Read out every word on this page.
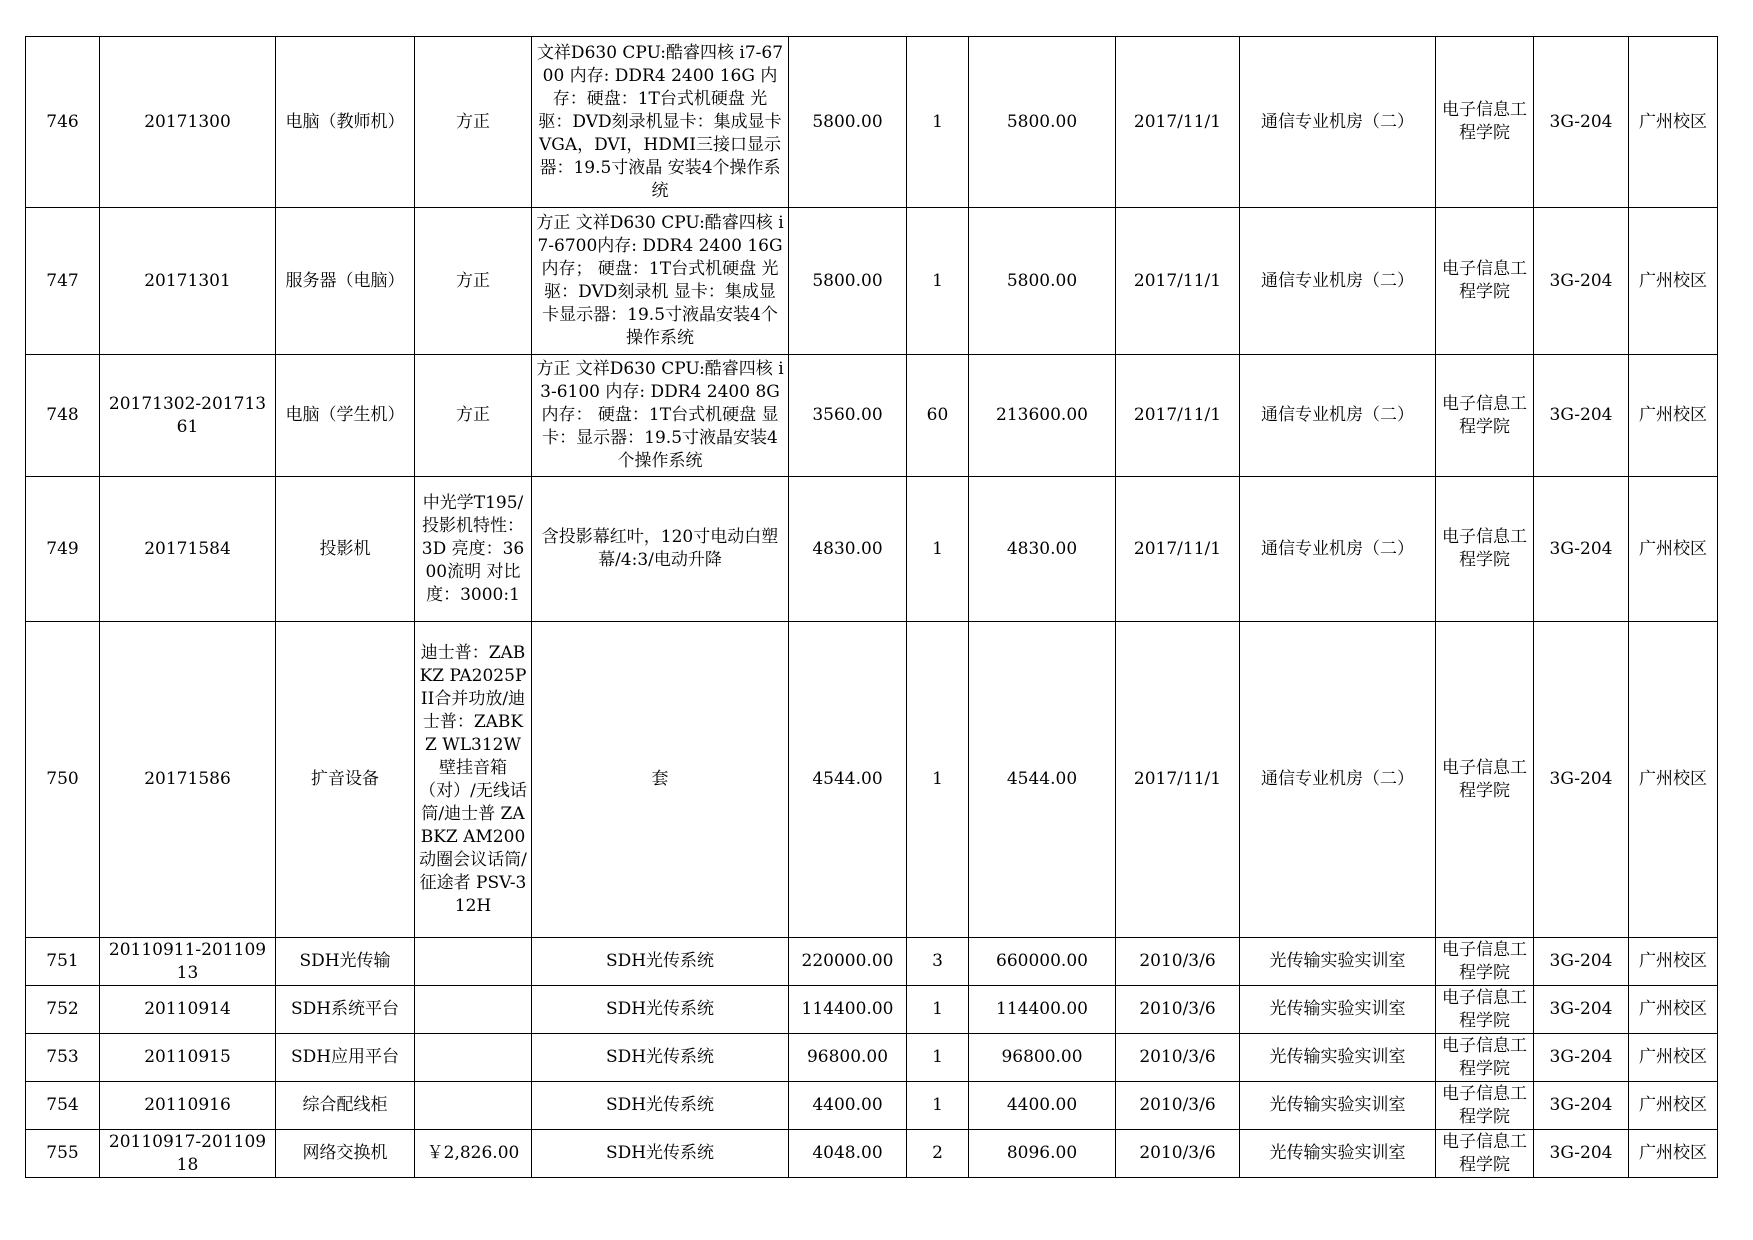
746	20171300	电脑（教师机）	方正	文祥D630 CPU:酷睿四核 i7-6700 内存: DDR4 2400 16G 内存：硬盘：1T台式机硬盘 光驱：DVD刻录机显卡：集成显卡VGA，DVI，HDMI三接口显示器：19.5寸液晶 安装4个操作系统	5800.00	1	5800.00	2017/11/1	通信专业机房（二）	电子信息工程学院	3G-204	广州校区
747	20171301	服务器（电脑）	方正	方正 文祥D630 CPU:酷睿四核 i7-6700内存: DDR4 2400 16G 内存； 硬盘：1T台式机硬盘 光驱：DVD刻录机 显卡：集成显卡显示器：19.5寸液晶安装4个操作系统	5800.00	1	5800.00	2017/11/1	通信专业机房（二）	电子信息工程学院	3G-204	广州校区
748	20171302-20171361	电脑（学生机）	方正	方正 文祥D630 CPU:酷睿四核 i3-6100 内存: DDR4 2400 8G 内存： 硬盘：1T台式机硬盘 显卡：显示器：19.5寸液晶安装4个操作系统	3560.00	60	213600.00	2017/11/1	通信专业机房（二）	电子信息工程学院	3G-204	广州校区
749	20171584	投影机	中光学T195/投影机特性：3D 亮度：3600流明 对比度：3000:1	含投影幕红叶，120寸电动白塑幕/4:3/电动升降	4830.00	1	4830.00	2017/11/1	通信专业机房（二）	电子信息工程学院	3G-204	广州校区
750	20171586	扩音设备	迪士普：ZABKZ PA2025PII合并功放/迪士普：ZABKZ WL312W壁挂音箱（对）/无线话筒/迪士普 ZABKZ AM200动圈会议话筒/征途者 PSV-312H	套	4544.00	1	4544.00	2017/11/1	通信专业机房（二）	电子信息工程学院	3G-204	广州校区
751	20110911-20110913	SDH光传输		SDH光传系统	220000.00	3	660000.00	2010/3/6	光传输实验实训室	电子信息工程学院	3G-204	广州校区
752	20110914	SDH系统平台		SDH光传系统	114400.00	1	114400.00	2010/3/6	光传输实验实训室	电子信息工程学院	3G-204	广州校区
753	20110915	SDH应用平台		SDH光传系统	96800.00	1	96800.00	2010/3/6	光传输实验实训室	电子信息工程学院	3G-204	广州校区
754	20110916	综合配线柜		SDH光传系统	4400.00	1	4400.00	2010/3/6	光传输实验实训室	电子信息工程学院	3G-204	广州校区
755	20110917-20110918	网络交换机	￥2,826.00	SDH光传系统	4048.00	2	8096.00	2010/3/6	光传输实验实训室	电子信息工程学院	3G-204	广州校区
